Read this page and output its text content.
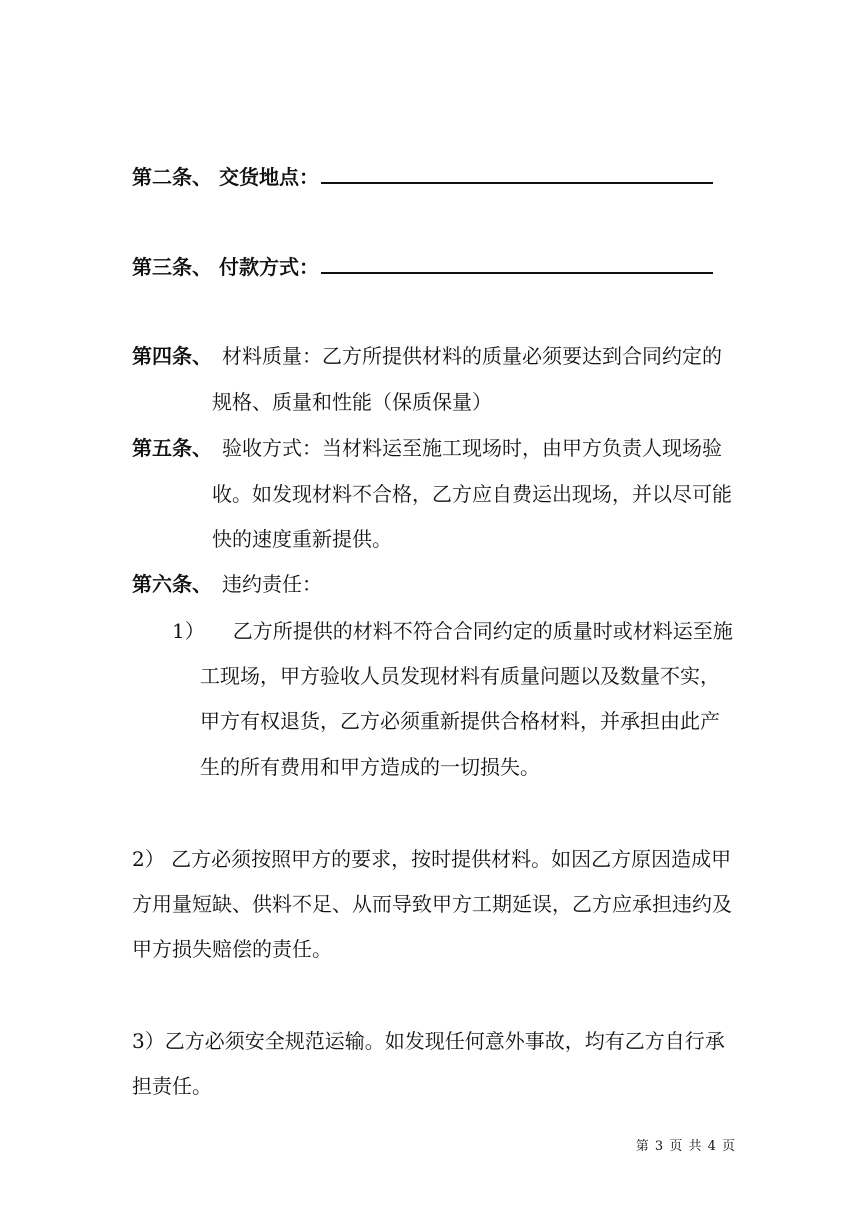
第二条、 交货地点：
第三条、 付款方式：
第四条、 材料质量：乙方所提供材料的质量必须要达到合同约定的
规格、质量和性能（保质保量）
第五条、 验收方式：当材料运至施工现场时，由甲方负责人现场验
收。如发现材料不合格，乙方应自费运出现场，并以尽可能
快的速度重新提供。
第六条、 违约责任：
1） 乙方所提供的材料不符合合同约定的质量时或材料运至施
工现场，甲方验收人员发现材料有质量问题以及数量不实，
甲方有权退货，乙方必须重新提供合格材料，并承担由此产
生的所有费用和甲方造成的一切损失。
2） 乙方必须按照甲方的要求，按时提供材料。如因乙方原因造成甲
方用量短缺、供料不足、从而导致甲方工期延误，乙方应承担违约及
甲方损失赔偿的责任。
3）乙方必须安全规范运输。如发现任何意外事故，均有乙方自行承
担责任。
第 3 页 共 4 页
